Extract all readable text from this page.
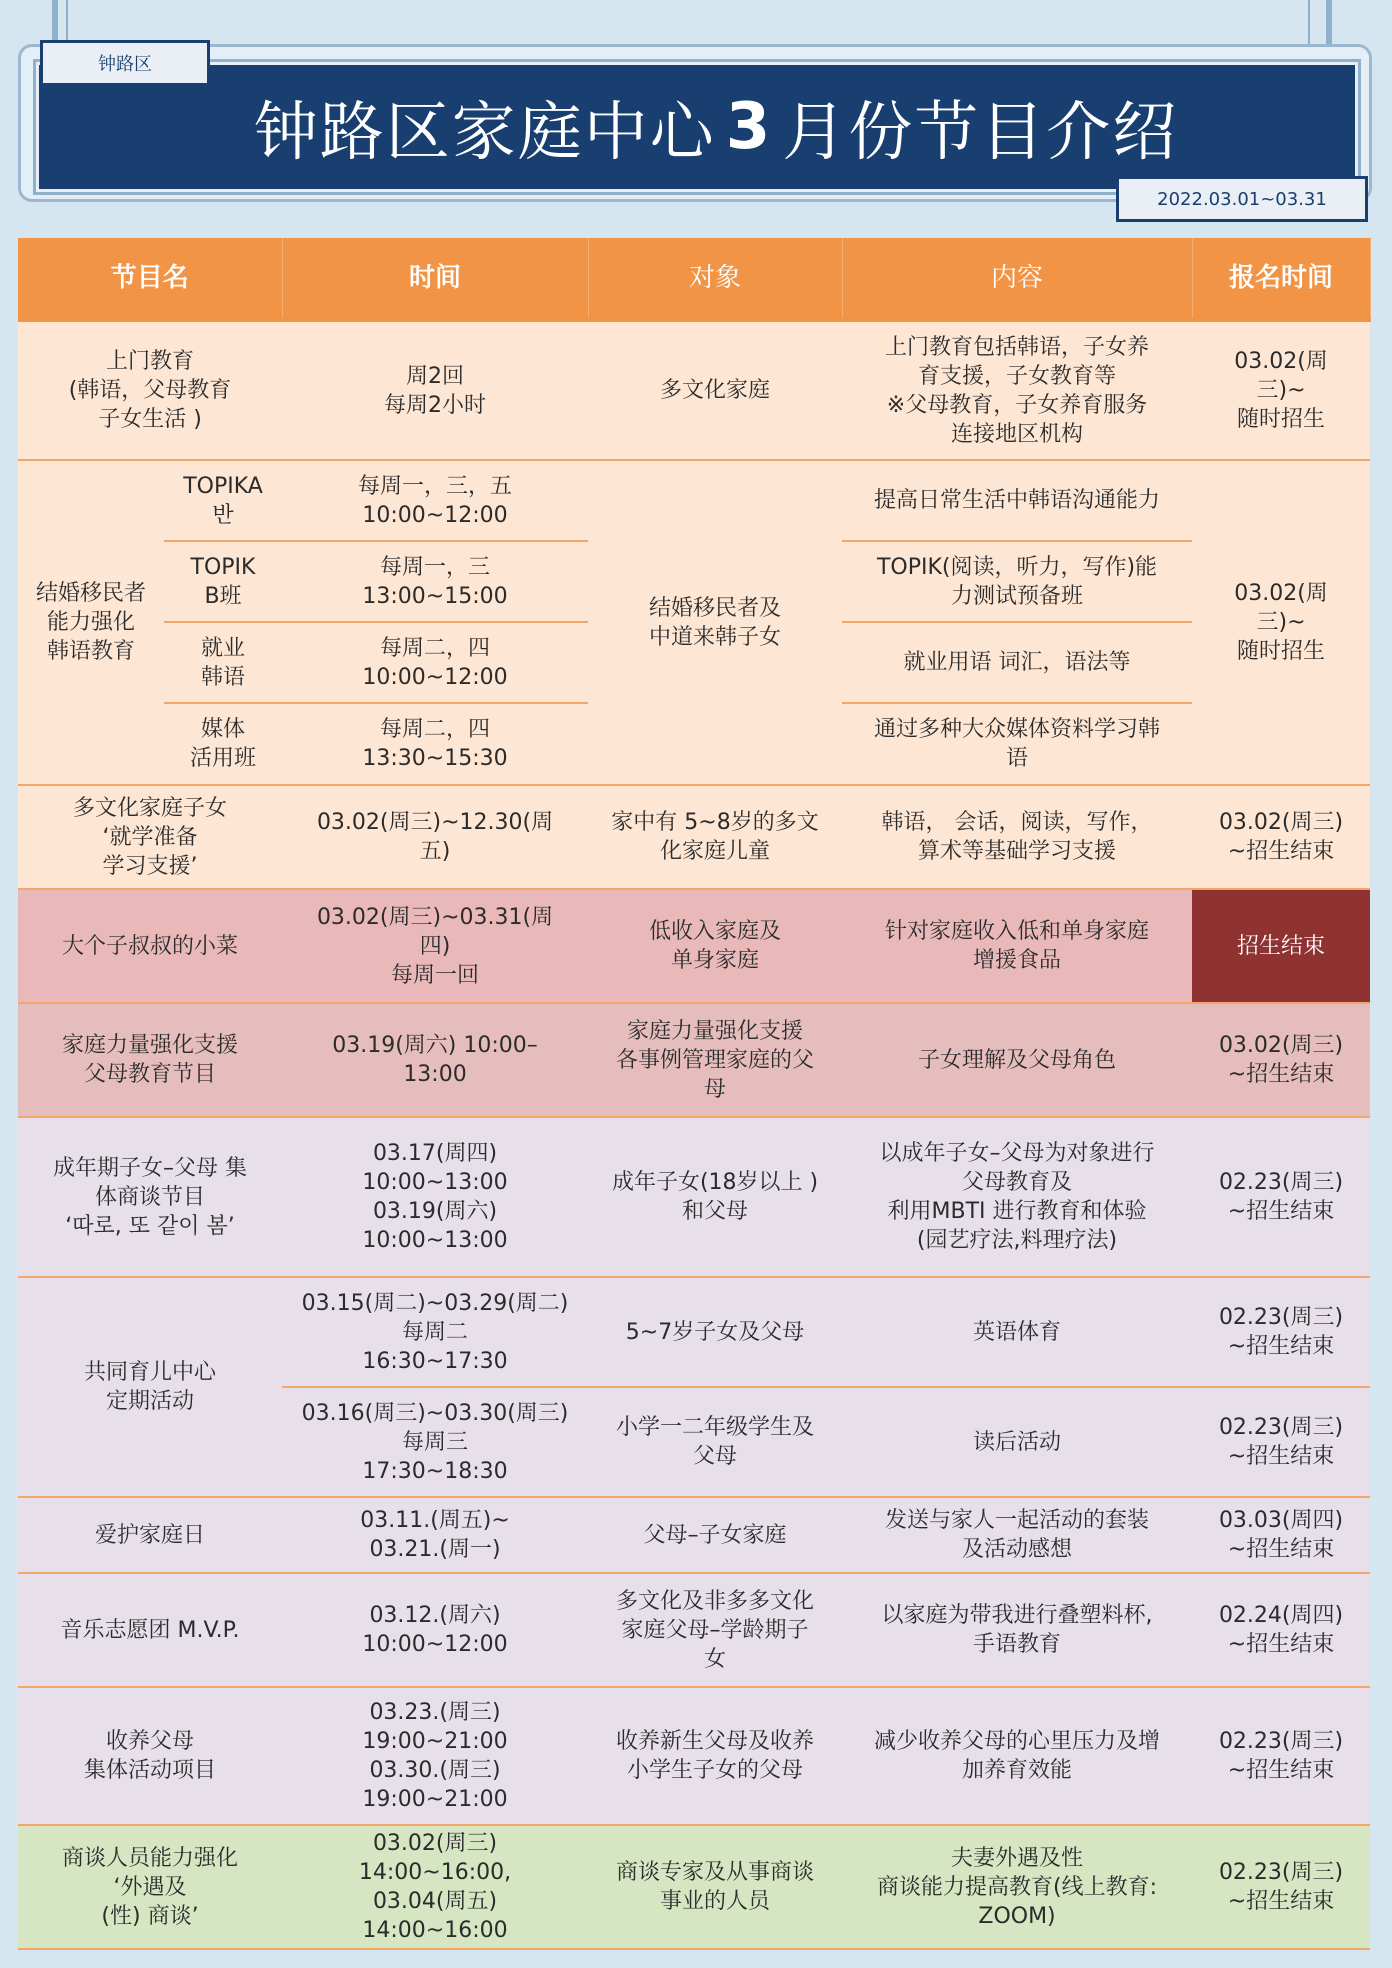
钟路区
钟路区家庭中心 3 月份节目介绍
2022.03.01~03.31
节目名		时间	对象	内容	报名时间
上门教育
(韩语，父母教育
子女生活 )		周2回
每周2小时	多文化家庭	上门教育包括韩语，子女养
育支援，子女教育等
※父母教育，子女养育服务
连接地区机构	03.02(周
三)~
随时招生
结婚移民者
能力强化
韩语教育	TOPIKA
반	每周一，三，五
10:00~12:00	结婚移民者及
中道来韩子女	提高日常生活中韩语沟通能力	03.02(周
三)~
随时招生
	TOPIK
B班	每周一，三
13:00~15:00		TOPIK(阅读，听力，写作)能
力测试预备班	
	就业
韩语	每周二，四
10:00~12:00		就业用语 词汇，语法等	
	媒体
活用班	每周二，四
13:30~15:30		通过多种大众媒体资料学习韩
语	
多文化家庭子女
‘就学准备
学习支援’		03.02(周三)~12.30(周
五)	家中有 5~8岁的多文
化家庭儿童	韩语， 会话，阅读，写作，
算术等基础学习支援	03.02(周三)
~招生结束
大个子叔叔的小菜		03.02(周三)~03.31(周
四)
每周一回	低收入家庭及
单身家庭	针对家庭收入低和单身家庭
增援食品	招生结束
家庭力量强化支援
父母教育节目		03.19(周六) 10:00–
13:00	家庭力量强化支援
各事例管理家庭的父
母	子女理解及父母角色	03.02(周三)
~招生结束
成年期子女–父母 集
体商谈节目
‘따로, 또 같이 봄’		03.17(周四)
10:00~13:00
03.19(周六)
10:00~13:00	成年子女(18岁以上 )
和父母	以成年子女–父母为对象进行
父母教育及
利用MBTI 进行教育和体验
(园艺疗法,料理疗法)	02.23(周三)
~招生结束
共同育儿中心
定期活动		03.15(周二)~03.29(周二)
每周二
16:30~17:30	5~7岁子女及父母	英语体育	02.23(周三)
~招生结束
		03.16(周三)~03.30(周三)
每周三
17:30~18:30	小学一二年级学生及
父母	读后活动	02.23(周三)
~招生结束
爱护家庭日		03.11.(周五)~
03.21.(周一)	父母–子女家庭	发送与家人一起活动的套装
及活动感想	03.03(周四)
~招生结束
音乐志愿团 M.V.P.		03.12.(周六)
10:00~12:00	多文化及非多多文化
家庭父母–学龄期子
女	以家庭为带我进行叠塑料杯,
手语教育	02.24(周四)
~招生结束
收养父母
集体活动项目		03.23.(周三)
19:00~21:00
03.30.(周三)
19:00~21:00	收养新生父母及收养
小学生子女的父母	减少收养父母的心里压力及增
加养育效能	02.23(周三)
~招生结束
商谈人员能力强化
‘外遇及
(性) 商谈’		03.02(周三)
14:00~16:00,
03.04(周五)
14:00~16:00	商谈专家及从事商谈
事业的人员	夫妻外遇及性
商谈能力提高教育(线上教育:
ZOOM)	02.23(周三)
~招生结束
